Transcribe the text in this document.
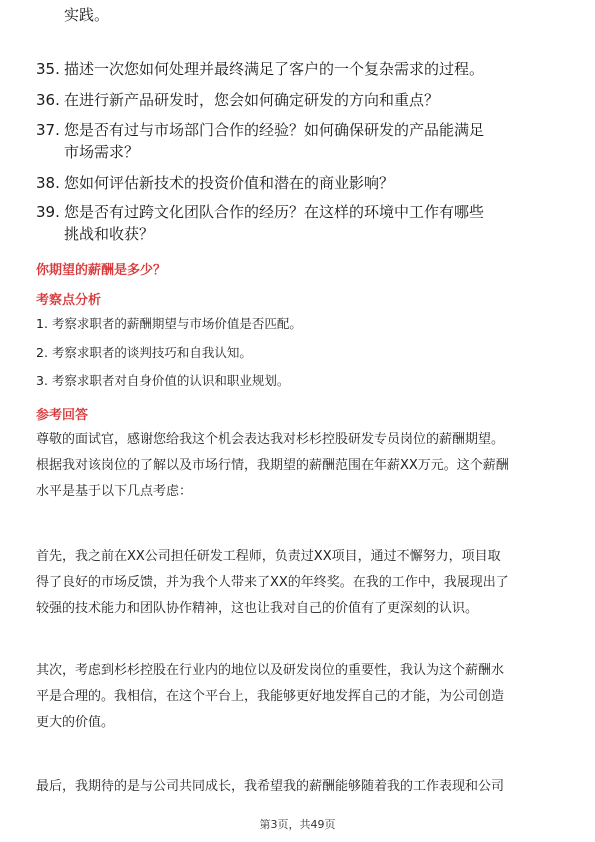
实践。
35. 描述一次您如何处理并最终满足了客户的一个复杂需求的过程。
36. 在进行新产品研发时，您会如何确定研发的方向和重点？
37. 您是否有过与市场部门合作的经验？如何确保研发的产品能满足
市场需求？
38. 您如何评估新技术的投资价值和潜在的商业影响？
39. 您是否有过跨文化团队合作的经历？在这样的环境中工作有哪些
挑战和收获？
你期望的薪酬是多少？
考察点分析
1. 考察求职者的薪酬期望与市场价值是否匹配。
2. 考察求职者的谈判技巧和自我认知。
3. 考察求职者对自身价值的认识和职业规划。
参考回答
尊敬的面试官，感谢您给我这个机会表达我对杉杉控股研发专员岗位的薪酬期望。
根据我对该岗位的了解以及市场行情，我期望的薪酬范围在年薪XX万元。这个薪酬
水平是基于以下几点考虑：
首先，我之前在XX公司担任研发工程师，负责过XX项目，通过不懈努力，项目取
得了良好的市场反馈，并为我个人带来了XX的年终奖。在我的工作中，我展现出了
较强的技术能力和团队协作精神，这也让我对自己的价值有了更深刻的认识。
其次，考虑到杉杉控股在行业内的地位以及研发岗位的重要性，我认为这个薪酬水
平是合理的。我相信，在这个平台上，我能够更好地发挥自己的才能，为公司创造
更大的价值。
最后，我期待的是与公司共同成长，我希望我的薪酬能够随着我的工作表现和公司
第3页，共49页
